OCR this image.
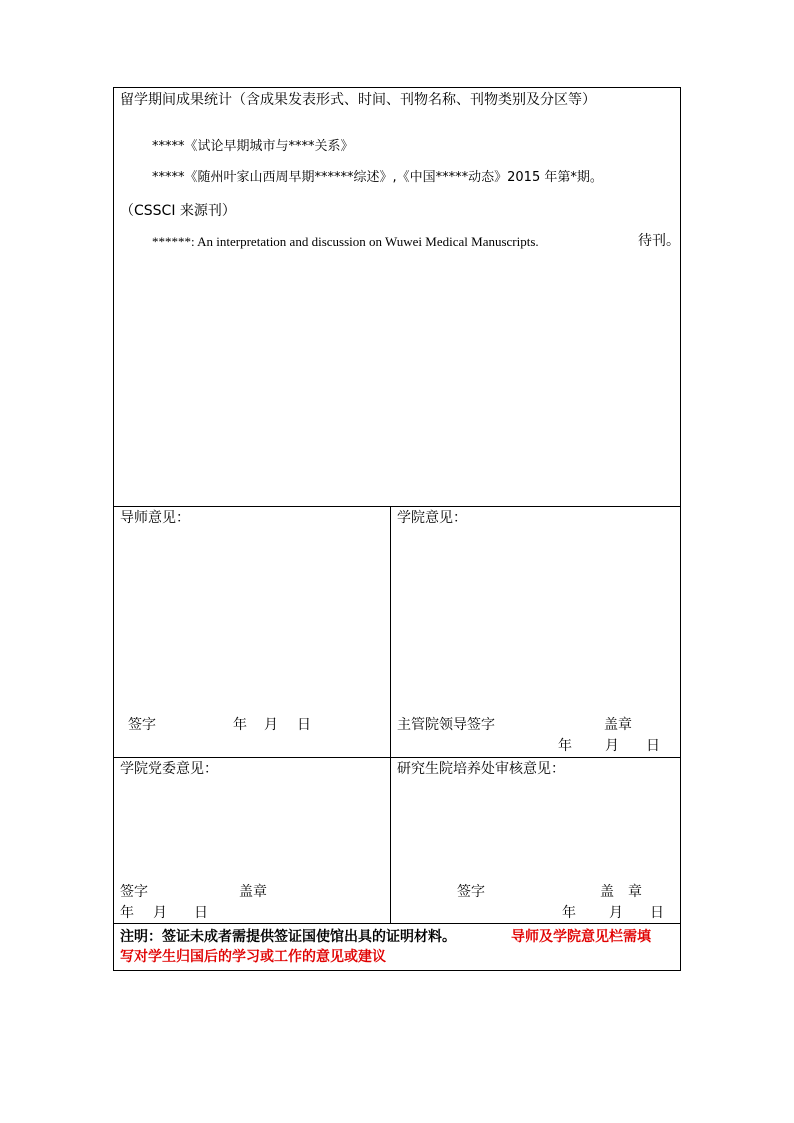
留学期间成果统计（含成果发表形式、时间、刊物名称、刊物类别及分区等）
*****《试论早期城市与****关系》
*****《随州叶家山西周早期******综述》,《中国*****动态》2015 年第*期。
（CSSCI 来源刊）
******: An interpretation and discussion on Wuwei Medical Manuscripts.	待刊。
导师意见：
签字	年 月 日
学院意见：
主管院领导签字	盖章
年 月 日
学院党委意见：
签字	盖章
年 月 日
研究生院培养处审核意见：
签字	盖　章
年 月 日
注明：签证未成者需提供签证国使馆出具的证明材料。	导师及学院意见栏需填
写对学生归国后的学习或工作的意见或建议
